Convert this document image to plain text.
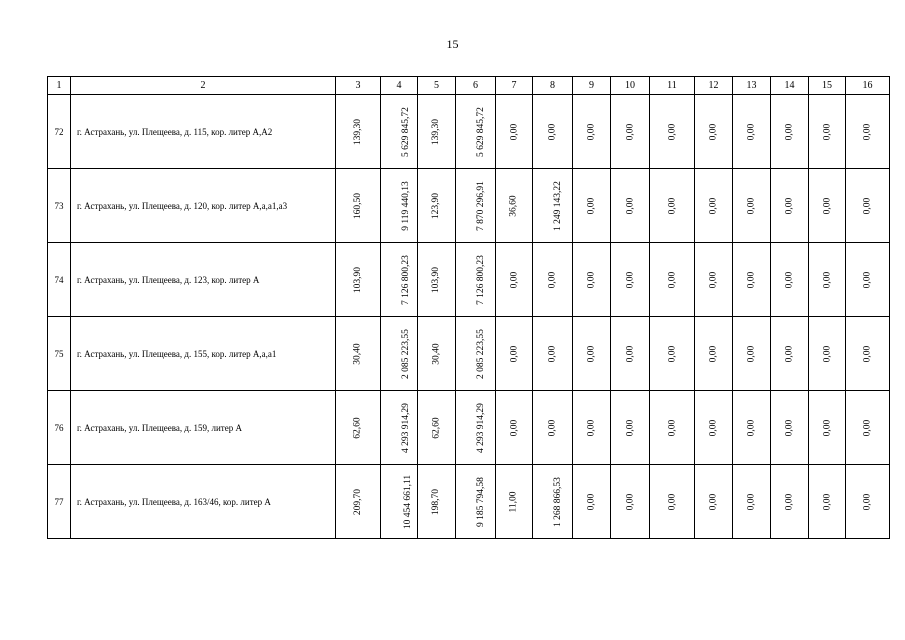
15
1	2	3	4	5	6	7	8	9	10	11	12	13	14	15	16
72	г. Астрахань, ул. Плещеева, д. 115, кор. литер А,А2	139,30	5 629 845,72	139,30	5 629 845,72	0,00	0,00	0,00	0,00	0,00	0,00	0,00	0,00	0,00	0,00
73	г. Астрахань, ул. Плещеева, д. 120, кор. литер А,а,а1,а3	160,50	9 119 440,13	123,90	7 870 296,91	36,60	1 249 143,22	0,00	0,00	0,00	0,00	0,00	0,00	0,00	0,00
74	г. Астрахань, ул. Плещеева, д. 123, кор. литер А	103,90	7 126 800,23	103,90	7 126 800,23	0,00	0,00	0,00	0,00	0,00	0,00	0,00	0,00	0,00	0,00
75	г. Астрахань, ул. Плещеева, д. 155, кор. литер А,а,а1	30,40	2 085 223,55	30,40	2 085 223,55	0,00	0,00	0,00	0,00	0,00	0,00	0,00	0,00	0,00	0,00
76	г. Астрахань, ул. Плещеева, д. 159, литер А	62,60	4 293 914,29	62,60	4 293 914,29	0,00	0,00	0,00	0,00	0,00	0,00	0,00	0,00	0,00	0,00
77	г. Астрахань, ул. Плещеева, д. 163/46, кор. литер А	209,70	10 454 661,11	198,70	9 185 794,58	11,00	1 268 866,53	0,00	0,00	0,00	0,00	0,00	0,00	0,00	0,00
